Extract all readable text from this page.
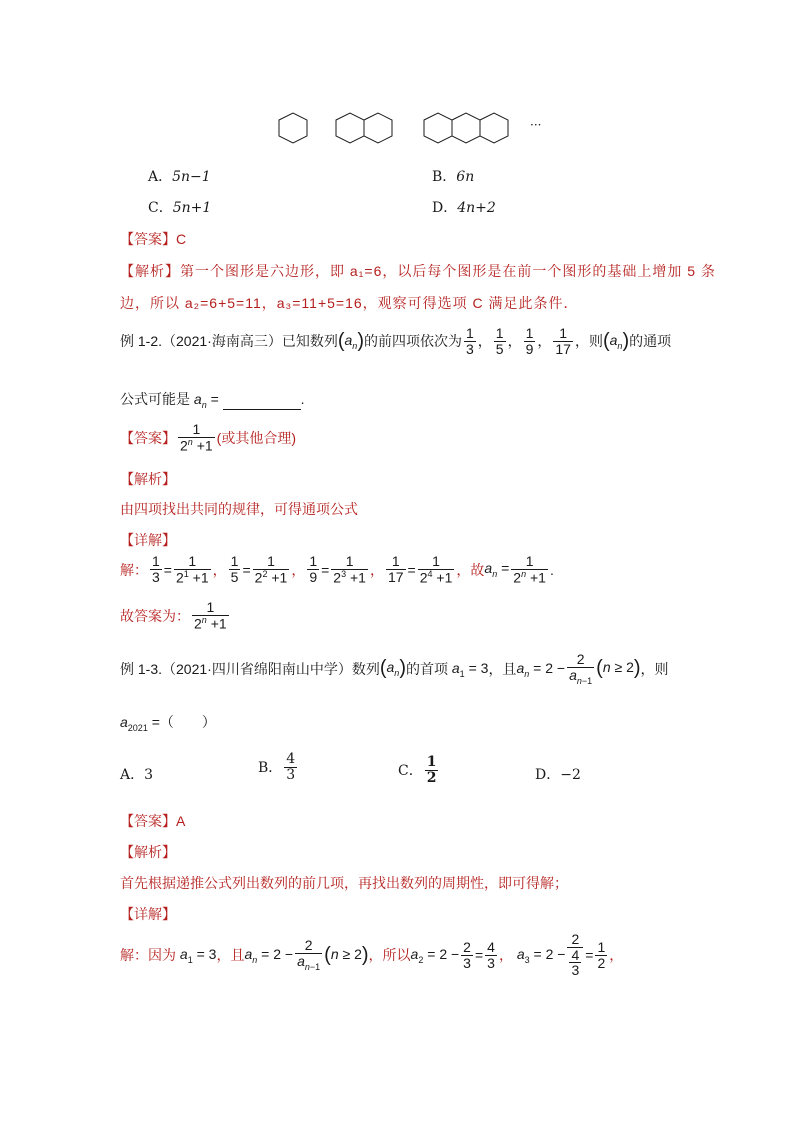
···
A．5n−1	B．6n
C．5n+1	D．4n+2
【答案】C
【解析】第一个图形是六边形，即 a₁=6，以后每个图形是在前一个图形的基础上增加 5 条
边，所以 a₂=6+5=11，a₃=11+5=16，观察可得选项 C 满足此条件．
例 1-2.（2021·海南高三）已知数列 $(a_n)$ 的前四项依次为 $\frac{1}{3}$ ， $\frac{1}{5}$ ， $\frac{1}{9}$ ， $\frac{1}{17}$ ，则 $(a_n)$ 的通项
公式可能是 $a_n$ =	.
【答案】 $\frac{1}{2^n +1}$ (或其他合理)
【解析】
由四项找出共同的规律，可得通项公式
【详解】
解： $\frac{1}{3} = \frac{1}{2^1 +1}$ ， $\frac{1}{5} = \frac{1}{2^2 +1}$ ， $\frac{1}{9} = \frac{1}{2^3 +1}$ ， $\frac{1}{17} = \frac{1}{2^4 +1}$ ， 故 $a_n = \frac{1}{2^n +1}$ .
故答案为： $\frac{1}{2^n +1}$
例 1-3.（2021·四川省绵阳南山中学）数列 $(a_n)$ 的首项 $a_1 = 3$ ，且 $a_n = 2 - \frac{2}{a_{n-1}} (n \ge 2)$ ，则
$a_{2021}$ =（　　）
A．3	B． $\frac{4}{3}$	C． $\frac{1}{2}$	D．−2
【答案】A
【解析】
首先根据递推公式列出数列的前几项，再找出数列的周期性，即可得解；
【详解】
解：因为 $a_1 = 3$ ，且 $a_n = 2 - \frac{2}{a_{n-1}} (n \ge 2)$ ，所以 $a_2 = 2 - \frac{2}{3} = \frac{4}{3}$ ， $a_3 = 2 - \frac{2}{\frac{4}{3}} = \frac{1}{2}$ ，
